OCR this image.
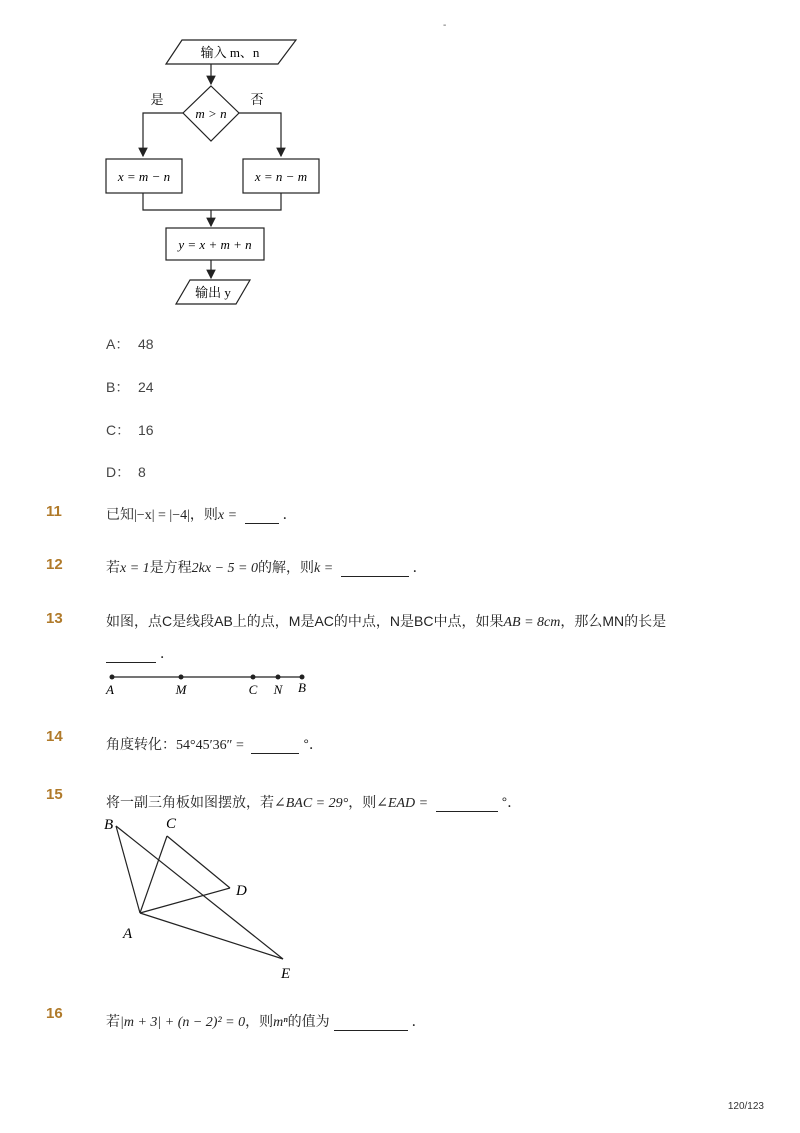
-
输入 m、n
m > n
是	否
x = m − n	x = n − m
y = x + m + n
输出 y
A： 48
B： 24
C： 16
D： 8
11	已知|−x| = |−4|，则x =	．
12	若x = 1是方程2kx − 5 = 0的解，则k =	．
13	如图，点C是线段AB上的点，M是AC的中点，N是BC中点，如果AB = 8cm，那么MN的长是
．
A	M	C N B
14	角度转化：54°45′36″ =	°．
15	将一副三角板如图摆放，若∠BAC = 29°，则∠EAD =	°．
B	C
D
A
E
16	若|m + 3| + (n − 2)² = 0，则mⁿ的值为	．
120/123
